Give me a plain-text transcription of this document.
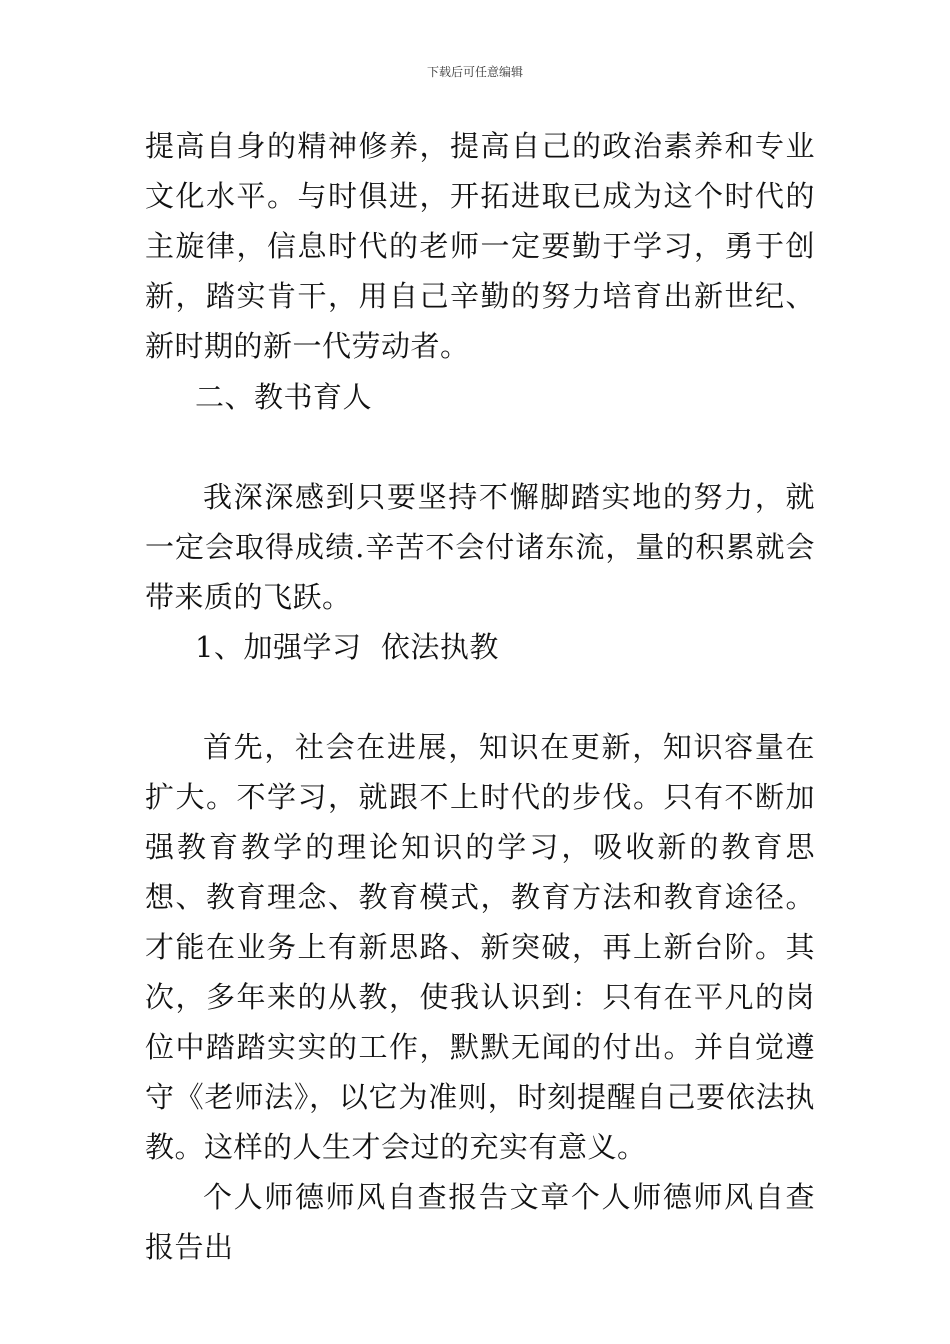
下载后可任意编辑

提高自身的精神修养，提高自己的政治素养和专业文化水平。与时俱进，开拓进取已成为这个时代的主旋律，信息时代的老师一定要勤于学习，勇于创新，踏实肯干，用自己辛勤的努力培育出新世纪、新时期的新一代劳动者。

二、教书育人

我深深感到只要坚持不懈脚踏实地的努力，就一定会取得成绩.辛苦不会付诸东流，量的积累就会带来质的飞跃。

1、加强学习  依法执教

首先，社会在进展，知识在更新，知识容量在扩大。不学习，就跟不上时代的步伐。只有不断加强教育教学的理论知识的学习，吸收新的教育思想、教育理念、教育模式，教育方法和教育途径。才能在业务上有新思路、新突破，再上新台阶。其次，多年来的从教，使我认识到：只有在平凡的岗位中踏踏实实的工作，默默无闻的付出。并自觉遵守《老师法》，以它为准则，时刻提醒自己要依法执教。这样的人生才会过的充实有意义。

个人师德师风自查报告文章个人师德师风自查报告出
